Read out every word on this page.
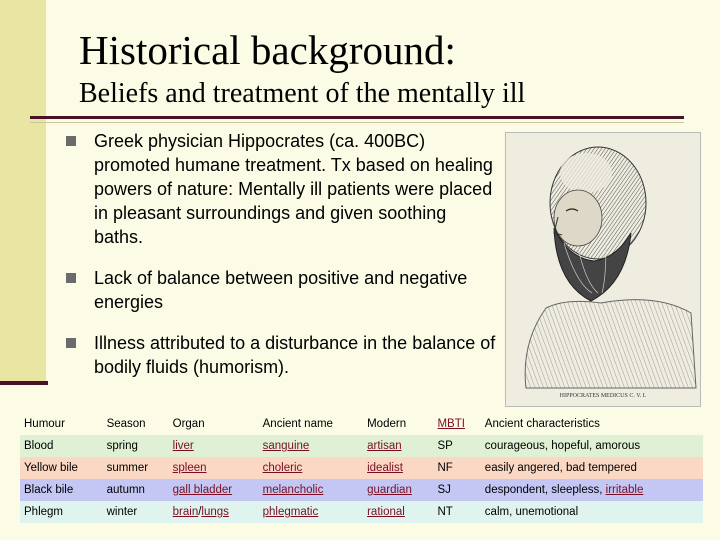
Historical background:
Beliefs and treatment of the mentally ill
Greek physician Hippocrates (ca. 400BC) promoted humane treatment. Tx based on healing powers of nature: Mentally ill patients were placed in pleasant surroundings and given soothing baths.
Lack of balance between positive and negative energies
Illness attributed to a disturbance in the balance of bodily fluids (humorism).
HIPPOCRATES MEDICUS C. V. I.
Humour	Season	Organ	Ancient name	Modern	MBTI	Ancient characteristics
Blood	spring	liver	sanguine	artisan	SP	courageous, hopeful, amorous
Yellow bile	summer	spleen	choleric	idealist	NF	easily angered, bad tempered
Black bile	autumn	gall bladder	melancholic	guardian	SJ	despondent, sleepless, irritable
Phlegm	winter	brain/lungs	phlegmatic	rational	NT	calm, unemotional
